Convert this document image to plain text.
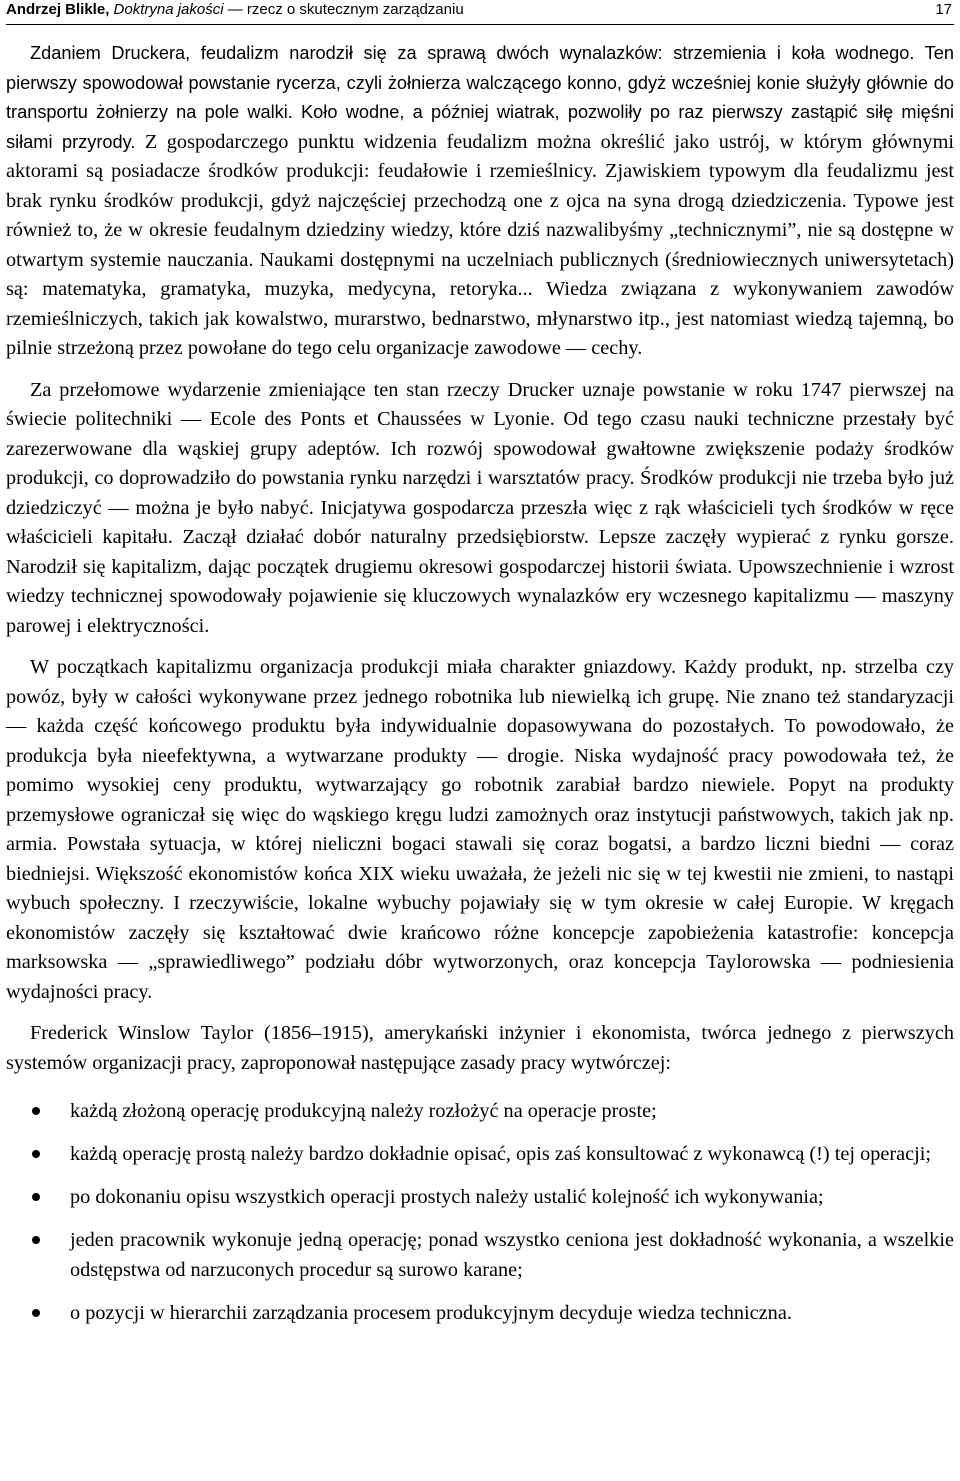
Andrzej Blikle, Doktryna jakości — rzecz o skutecznym zarządzaniu	17

Zdaniem Druckera, feudalizm narodził się za sprawą dwóch wynalazków: strzemienia i koła wodnego. Ten pierwszy spowodował powstanie rycerza, czyli żołnierza walczącego konno, gdyż wcześniej konie służyły głównie do transportu żołnierzy na pole walki. Koło wodne, a później wiatrak, pozwoliły po raz pierwszy zastąpić siłę mięśni siłami przyrody. Z gospodarczego punktu widzenia feudalizm można określić jako ustrój, w którym głównymi aktorami są posiadacze środków produkcji: feudałowie i rzemieślnicy. Zjawiskiem typowym dla feudalizmu jest brak rynku środków produkcji, gdyż najczęściej przechodzą one z ojca na syna drogą dziedziczenia. Typowe jest również to, że w okresie feudalnym dziedziny wiedzy, które dziś nazwalibyśmy „technicznymi”, nie są dostępne w otwartym systemie nauczania. Naukami dostępnymi na uczelniach publicznych (średniowiecznych uniwersytetach) są: matematyka, gramatyka, muzyka, medycyna, retoryka... Wiedza związana z wykonywaniem zawodów rzemieślniczych, takich jak kowalstwo, murarstwo, bednarstwo, młynarstwo itp., jest natomiast wiedzą tajemną, bo pilnie strzeżoną przez powołane do tego celu organizacje zawodowe — cechy.

Za przełomowe wydarzenie zmieniające ten stan rzeczy Drucker uznaje powstanie w roku 1747 pierwszej na świecie politechniki — Ecole des Ponts et Chaussées w Lyonie. Od tego czasu nauki techniczne przestały być zarezerwowane dla wąskiej grupy adeptów. Ich rozwój spowodował gwałtowne zwiększenie podaży środków produkcji, co doprowadziło do powstania rynku narzędzi i warsztatów pracy. Środków produkcji nie trzeba było już dziedziczyć — można je było nabyć. Inicjatywa gospodarcza przeszła więc z rąk właścicieli tych środków w ręce właścicieli kapitału. Zaczął działać dobór naturalny przedsiębiorstw. Lepsze zaczęły wypierać z rynku gorsze. Narodził się kapitalizm, dając początek drugiemu okresowi gospodarczej historii świata. Upowszechnienie i wzrost wiedzy technicznej spowodowały pojawienie się kluczowych wynalazków ery wczesnego kapitalizmu — maszyny parowej i elektryczności.

W początkach kapitalizmu organizacja produkcji miała charakter gniazdowy. Każdy produkt, np. strzelba czy powóz, były w całości wykonywane przez jednego robotnika lub niewielką ich grupę. Nie znano też standaryzacji — każda część końcowego produktu była indywidualnie dopasowywana do pozostałych. To powodowało, że produkcja była nieefektywna, a wytwarzane produkty — drogie. Niska wydajność pracy powodowała też, że pomimo wysokiej ceny produktu, wytwarzający go robotnik zarabiał bardzo niewiele. Popyt na produkty przemysłowe ograniczał się więc do wąskiego kręgu ludzi zamożnych oraz instytucji państwowych, takich jak np. armia. Powstała sytuacja, w której nieliczni bogaci stawali się coraz bogatsi, a bardzo liczni biedni — coraz biedniejsi. Większość ekonomistów końca XIX wieku uważała, że jeżeli nic się w tej kwestii nie zmieni, to nastąpi wybuch społeczny. I rzeczywiście, lokalne wybuchy pojawiały się w tym okresie w całej Europie. W kręgach ekonomistów zaczęły się kształtować dwie krańcowo różne koncepcje zapobieżenia katastrofie: koncepcja marksowska — „sprawiedliwego” podziału dóbr wytworzonych, oraz koncepcja Taylorowska — podniesienia wydajności pracy.

Frederick Winslow Taylor (1856–1915), amerykański inżynier i ekonomista, twórca jednego z pierwszych systemów organizacji pracy, zaproponował następujące zasady pracy wytwórczej:

każdą złożoną operację produkcyjną należy rozłożyć na operacje proste;
każdą operację prostą należy bardzo dokładnie opisać, opis zaś konsultować z wykonawcą (!) tej operacji;
po dokonaniu opisu wszystkich operacji prostych należy ustalić kolejność ich wykonywania;
jeden pracownik wykonuje jedną operację; ponad wszystko ceniona jest dokładność wykonania, a wszelkie odstępstwa od narzuconych procedur są surowo karane;
o pozycji w hierarchii zarządzania procesem produkcyjnym decyduje wiedza techniczna.
